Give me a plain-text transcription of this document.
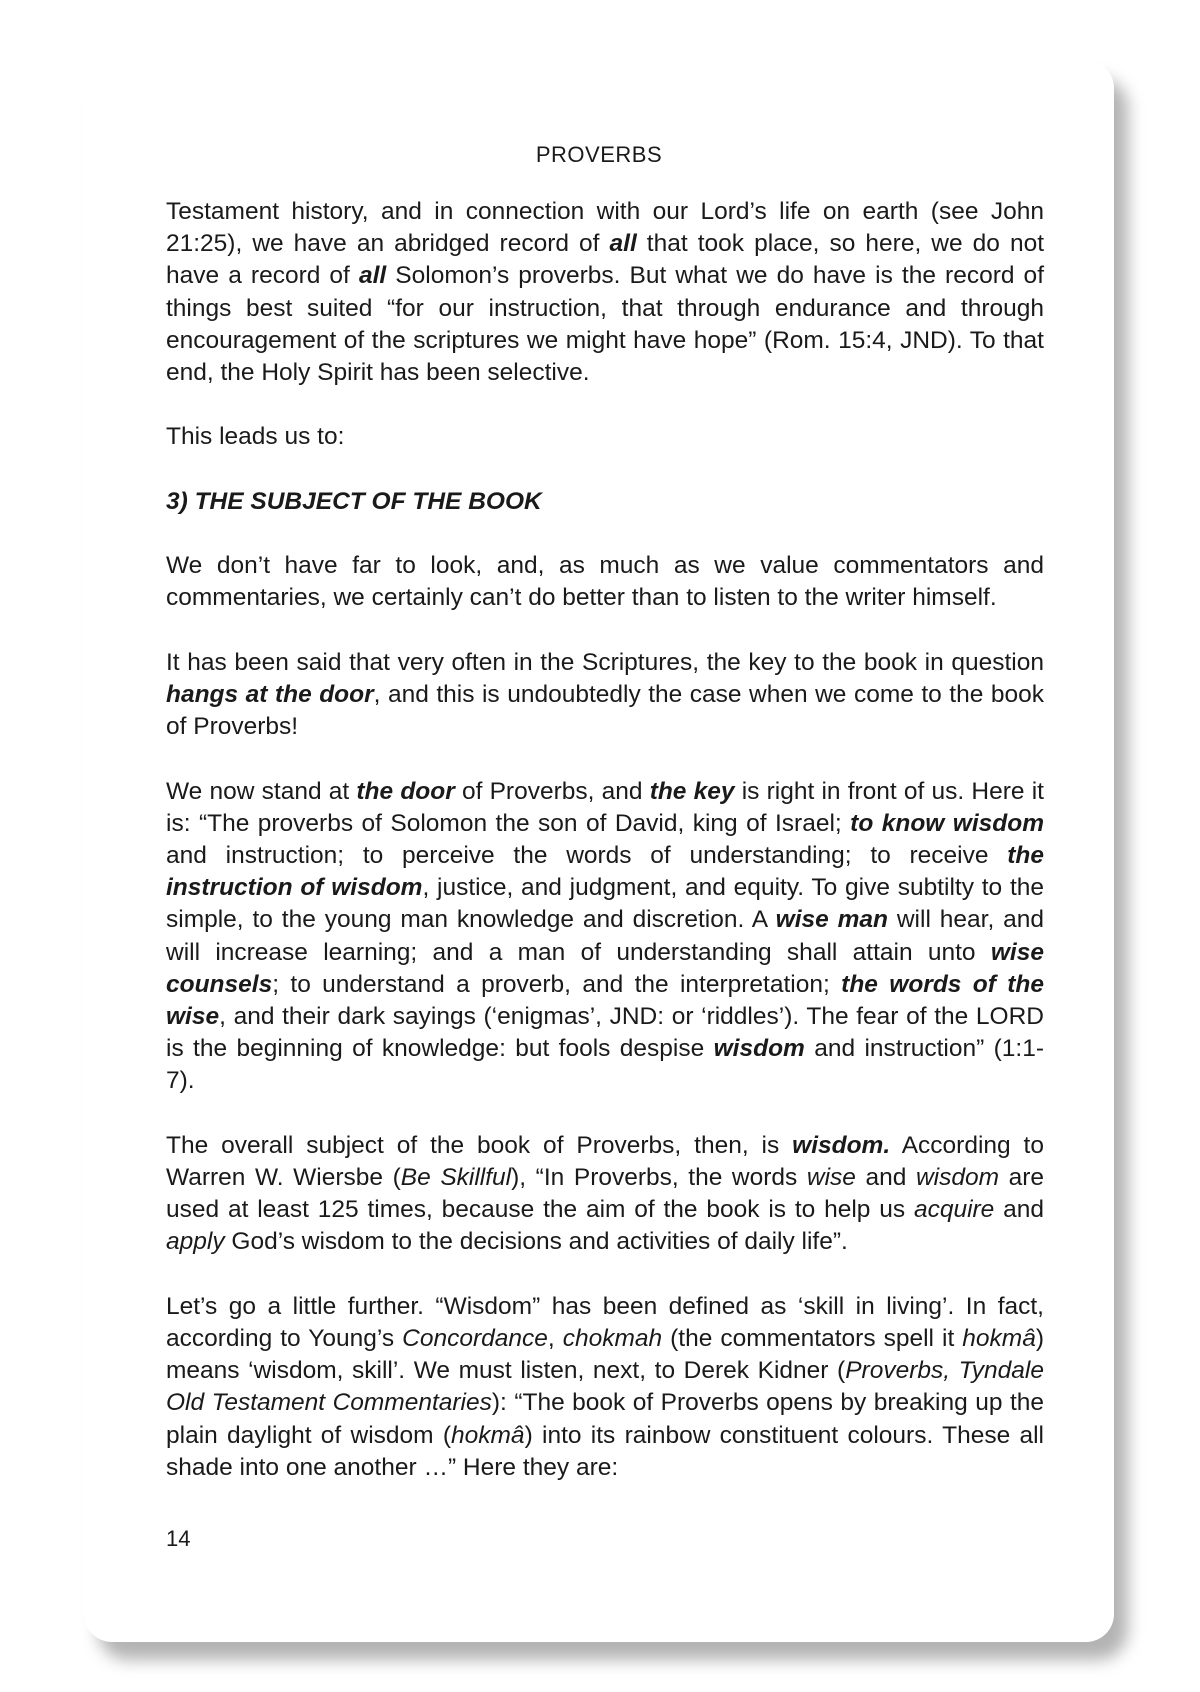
PROVERBS

Testament history, and in connection with our Lord’s life on earth (see John 21:25), we have an abridged record of all that took place, so here, we do not have a record of all Solomon’s proverbs. But what we do have is the record of things best suited “for our instruction, that through endurance and through encouragement of the scriptures we might have hope” (Rom. 15:4, JND). To that end, the Holy Spirit has been selective.

This leads us to:

3) THE SUBJECT OF THE BOOK

We don’t have far to look, and, as much as we value commentators and commentaries, we certainly can’t do better than to listen to the writer himself.

It has been said that very often in the Scriptures, the key to the book in question hangs at the door, and this is undoubtedly the case when we come to the book of Proverbs!

We now stand at the door of Proverbs, and the key is right in front of us. Here it is: “The proverbs of Solomon the son of David, king of Israel; to know wisdom and instruction; to perceive the words of understanding; to receive the instruction of wisdom, justice, and judgment, and equity. To give subtilty to the simple, to the young man knowledge and discretion. A wise man will hear, and will increase learning; and a man of understanding shall attain unto wise counsels; to understand a proverb, and the interpretation; the words of the wise, and their dark sayings (‘enigmas’, JND: or ‘riddles’). The fear of the LORD is the beginning of knowledge: but fools despise wisdom and instruction” (1:1-7).

The overall subject of the book of Proverbs, then, is wisdom. According to Warren W. Wiersbe (Be Skillful), “In Proverbs, the words wise and wisdom are used at least 125 times, because the aim of the book is to help us acquire and apply God’s wisdom to the decisions and activities of daily life”.

Let’s go a little further. “Wisdom” has been defined as ‘skill in living’. In fact, according to Young’s Concordance, chokmah (the commentators spell it hokmâ) means ‘wisdom, skill’. We must listen, next, to Derek Kidner (Proverbs, Tyndale Old Testament Commentaries): “The book of Proverbs opens by breaking up the plain daylight of wisdom (hokmâ) into its rainbow constituent colours. These all shade into one another …” Here they are:

14
